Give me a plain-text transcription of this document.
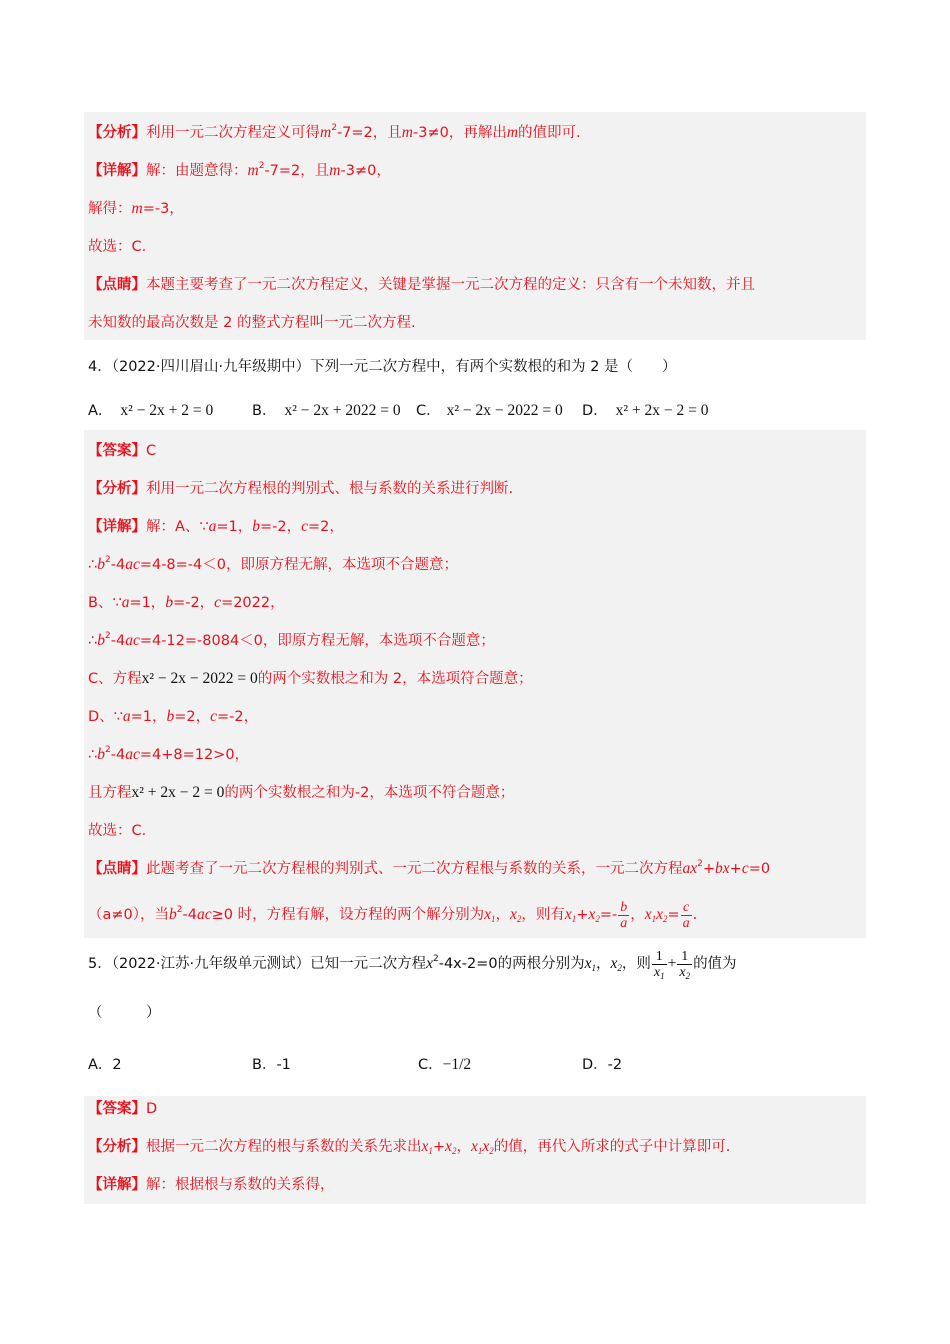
【分析】利用一元二次方程定义可得$m^2-7=2$，且m-3≠0，再解出m的值即可.
【详解】解：由题意得：$m^2-7=2$，且m-3≠0，
解得：m=-3，
故选：C.
【点睛】本题主要考查了一元二次方程定义，关键是掌握一元二次方程的定义：只含有一个未知数，并且
未知数的最高次数是 2 的整式方程叫一元二次方程.
4．（2022·四川眉山·九年级期中）下列一元二次方程中，有两个实数根的和为 2 是（　　）
A． x² − 2x + 2 = 0	B． x² − 2x + 2022 = 0 C． x² − 2x − 2022 = 0 D． x² + 2x − 2 = 0
【答案】C
【分析】利用一元二次方程根的判别式、根与系数的关系进行判断.
【详解】解：A、∵a=1，b=-2，c=2，
$\therefore b^2-4ac=4-8=-4<0$，即原方程无解，本选项不合题意；
B、∵a=1，b=-2，c=2022，
$\therefore b^2-4ac=4-12=-8084<0$，即原方程无解，本选项不合题意；
C、方程x² − 2x − 2022 = 0的两个实数根之和为 2，本选项符合题意；
D、∵a=1，b=2，c=-2，
$\therefore b^2-4ac=4+8=12>0$，
且方程x² + 2x − 2 = 0的两个实数根之和为-2，本选项不符合题意；
故选：C.
【点睛】此题考查了一元二次方程根的判别式、一元二次方程根与系数的关系，一元二次方程$ax^2+bx+c=0$
（a≠0），当$b^2-4ac\ge 0$ 时，方程有解，设方程的两个解分别为$x_1$，$x_2$，则有$x_1+x_2=- \frac{b}{a}$ ，$x_1x_2= \frac{c}{a}$ .
5．（2022·江苏·九年级单元测试）已知一元二次方程$x^2-4x-2=0$的两根分别为$x_1$，$x_2$，则 $\frac{1}{x_1} + \frac{1}{x_2}$ 的值为
（　　　）
A．2	B．-1	C．−1/2	D．-2
【答案】D
【分析】根据一元二次方程的根与系数的关系先求出$x_1+x_2$，$x_1x_2$的值，再代入所求的式子中计算即可.
【详解】解：根据根与系数的关系得，
